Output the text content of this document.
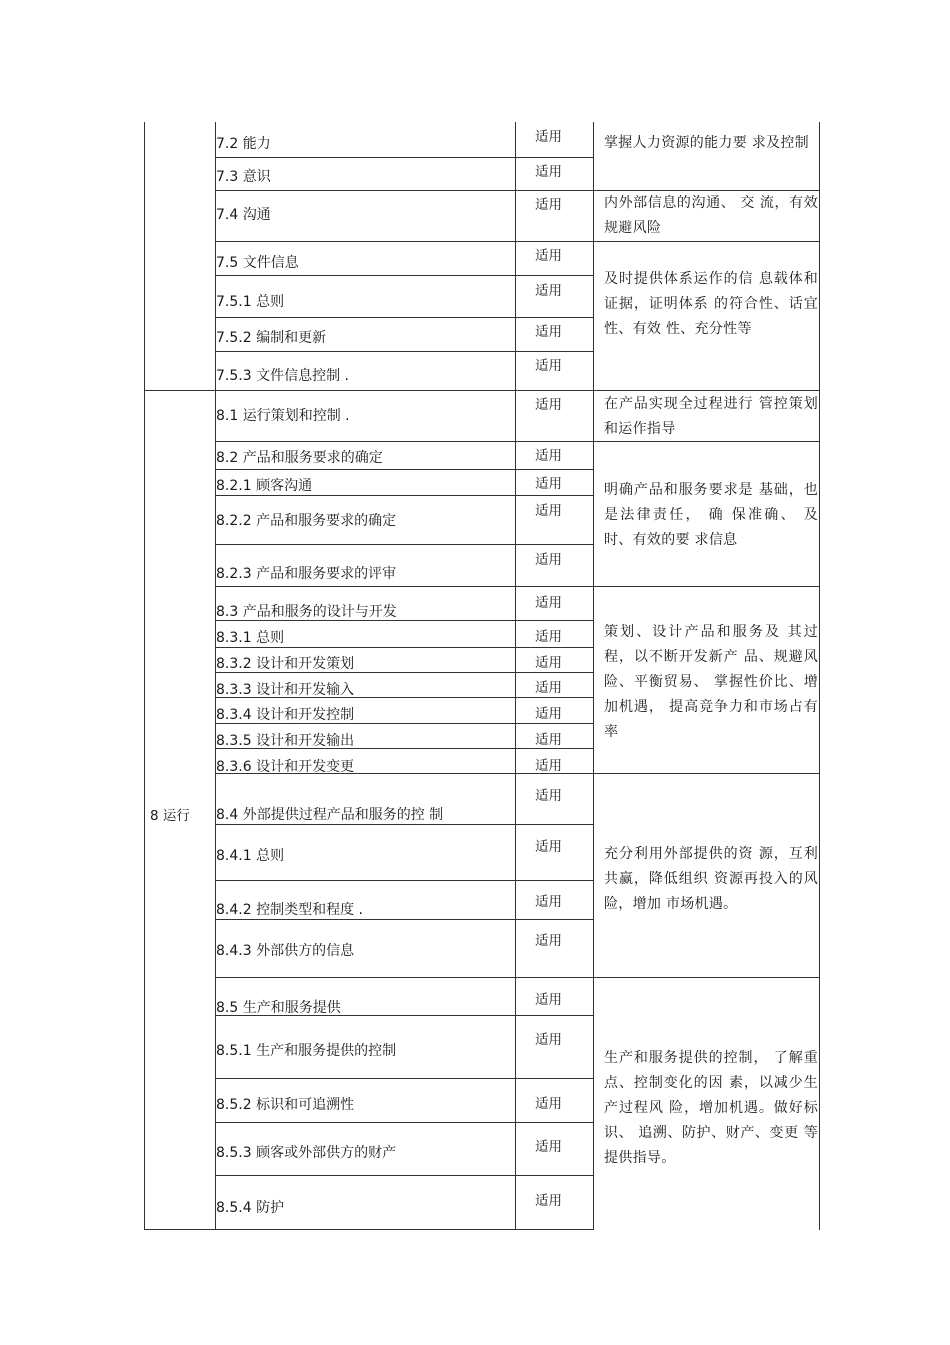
8 运行
7.2 能力
7.3 意识
7.4 沟通
7.5 文件信息
7.5.1 总则
7.5.2 编制和更新
7.5.3 文件信息控制 .
8.1 运行策划和控制 .
8.2 产品和服务要求的确定
8.2.1 顾客沟通
8.2.2 产品和服务要求的确定
8.2.3 产品和服务要求的评审
8.3 产品和服务的设计与开发
8.3.1 总则
8.3.2 设计和开发策划
8.3.3 设计和开发输入
8.3.4 设计和开发控制
8.3.5 设计和开发输出
8.3.6 设计和开发变更
8.4 外部提供过程产品和服务的控 制
8.4.1 总则
8.4.2 控制类型和程度 .
8.4.3 外部供方的信息
8.5 生产和服务提供
8.5.1 生产和服务提供的控制
8.5.2 标识和可追溯性
8.5.3 顾客或外部供方的财产
8.5.4 防护
适用
适用
适用
适用
适用
适用
适用
适用
适用
适用
适用
适用
适用
适用
适用
适用
适用
适用
适用
适用
适用
适用
适用
适用
适用
适用
适用
适用
掌握人力资源的能力要 求及控制
内外部信息的沟通、 交 流，有效规避风险
及时提供体系运作的信 息载体和证据，证明体系 的符合性、话宜性、有效 性、充分性等
在产品实现全过程进行 管控策划和运作指导
明确产品和服务要求是 基础，也是法律责任， 确 保准确、 及时、有效的要 求信息
策划、设计产品和服务及 其过程，以不断开发新产 品、规避风险、平衡贸易、 掌握性价比、增加机遇， 提高竞争力和市场占有 率
充分利用外部提供的资 源，互利共赢，降低组织 资源再投入的风险，增加 市场机遇。
生产和服务提供的控制， 了解重点、控制变化的因 素，以减少生产过程风 险，增加机遇。做好标识、 追溯、防护、财产、变更 等提供指导。
